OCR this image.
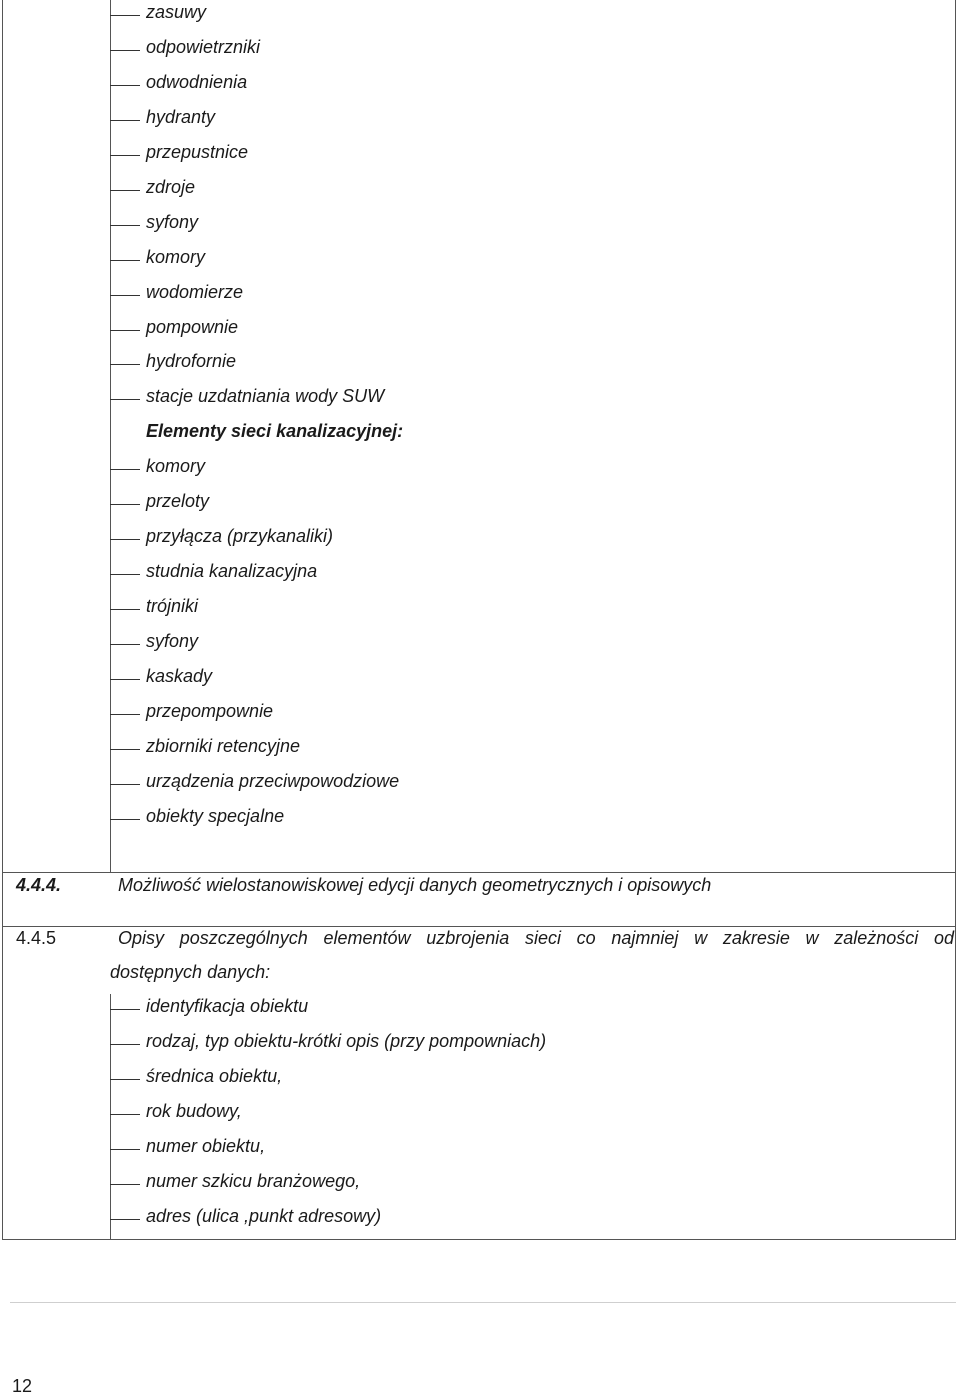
zasuwy
odpowietrzniki
odwodnienia
hydranty
przepustnice
zdroje
syfony
komory
wodomierze
pompownie
hydrofornie
stacje uzdatniania wody SUW
Elementy sieci kanalizacyjnej:
komory
przeloty
przyłącza (przykanaliki)
studnia kanalizacyjna
trójniki
syfony
kaskady
przepompownie
zbiorniki retencyjne
urządzenia przeciwpowodziowe
obiekty specjalne
4.4.4.	Możliwość wielostanowiskowej edycji danych geometrycznych i opisowych
4.4.5	Opisy poszczególnych elementów uzbrojenia sieci co najmniej w zakresie w zależności od
dostępnych danych:
identyfikacja obiektu
rodzaj, typ obiektu-krótki opis (przy pompowniach)
średnica obiektu,
rok budowy,
numer obiektu,
numer szkicu branżowego,
adres (ulica ,punkt adresowy)
12
